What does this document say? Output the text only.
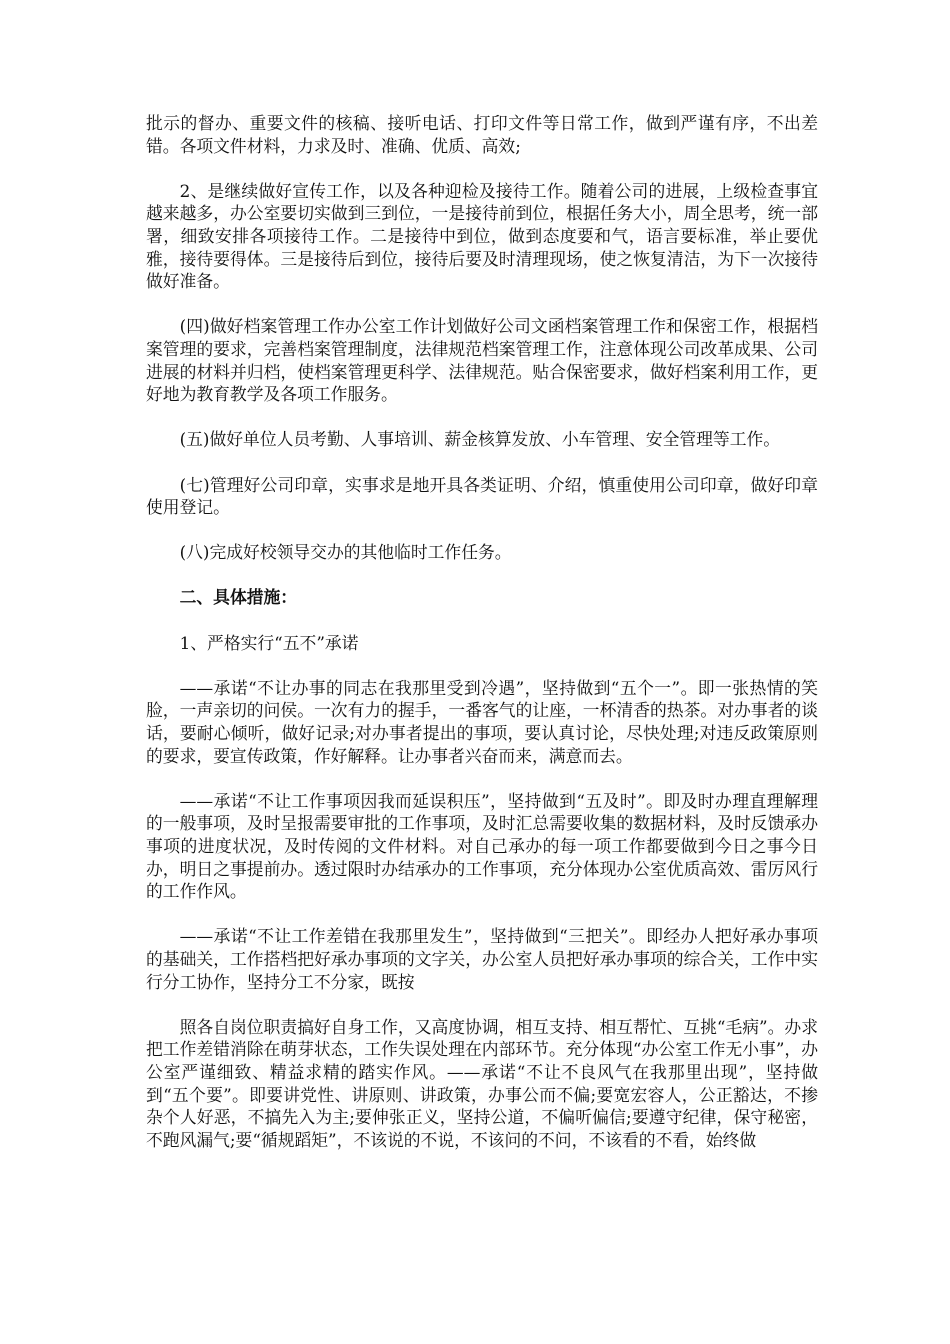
批示的督办、重要文件的核稿、接听电话、打印文件等日常工作，做到严谨有序，不出差错。各项文件材料，力求及时、准确、优质、高效;

2、是继续做好宣传工作，以及各种迎检及接待工作。随着公司的进展，上级检查事宜越来越多，办公室要切实做到三到位，一是接待前到位，根据任务大小，周全思考，统一部署，细致安排各项接待工作。二是接待中到位，做到态度要和气，语言要标准，举止要优雅，接待要得体。三是接待后到位，接待后要及时清理现场，使之恢复清洁，为下一次接待做好准备。

(四)做好档案管理工作办公室工作计划做好公司文函档案管理工作和保密工作，根据档案管理的要求，完善档案管理制度，法律规范档案管理工作，注意体现公司改革成果、公司进展的材料并归档，使档案管理更科学、法律规范。贴合保密要求，做好档案利用工作，更好地为教育教学及各项工作服务。

(五)做好单位人员考勤、人事培训、薪金核算发放、小车管理、安全管理等工作。

(七)管理好公司印章，实事求是地开具各类证明、介绍，慎重使用公司印章，做好印章使用登记。

(八)完成好校领导交办的其他临时工作任务。

二、具体措施：

1、严格实行“五不”承诺

——承诺“不让办事的同志在我那里受到冷遇”，坚持做到“五个一”。即一张热情的笑脸，一声亲切的问侯。一次有力的握手，一番客气的让座，一杯清香的热茶。对办事者的谈话，要耐心倾听，做好记录;对办事者提出的事项，要认真讨论，尽快处理;对违反政策原则的要求，要宣传政策，作好解释。让办事者兴奋而来，满意而去。

——承诺“不让工作事项因我而延误积压”，坚持做到“五及时”。即及时办理直理解理的一般事项，及时呈报需要审批的工作事项，及时汇总需要收集的数据材料，及时反馈承办事项的进度状况，及时传阅的文件材料。对自己承办的每一项工作都要做到今日之事今日办，明日之事提前办。透过限时办结承办的工作事项，充分体现办公室优质高效、雷厉风行的工作作风。

——承诺“不让工作差错在我那里发生”，坚持做到“三把关”。即经办人把好承办事项的基础关，工作搭档把好承办事项的文字关，办公室人员把好承办事项的综合关，工作中实行分工协作，坚持分工不分家，既按

照各自岗位职责搞好自身工作，又高度协调，相互支持、相互帮忙、互挑“毛病”。办求把工作差错消除在萌芽状态，工作失误处理在内部环节。充分体现“办公室工作无小事”，办公室严谨细致、精益求精的踏实作风。——承诺“不让不良风气在我那里出现”，坚持做到“五个要”。即要讲党性、讲原则、讲政策，办事公而不偏;要宽宏容人，公正豁达，不掺杂个人好恶，不搞先入为主;要伸张正义，坚持公道，不偏听偏信;要遵守纪律，保守秘密，不跑风漏气;要“循规蹈矩”，不该说的不说，不该问的不问，不该看的不看，始终做
